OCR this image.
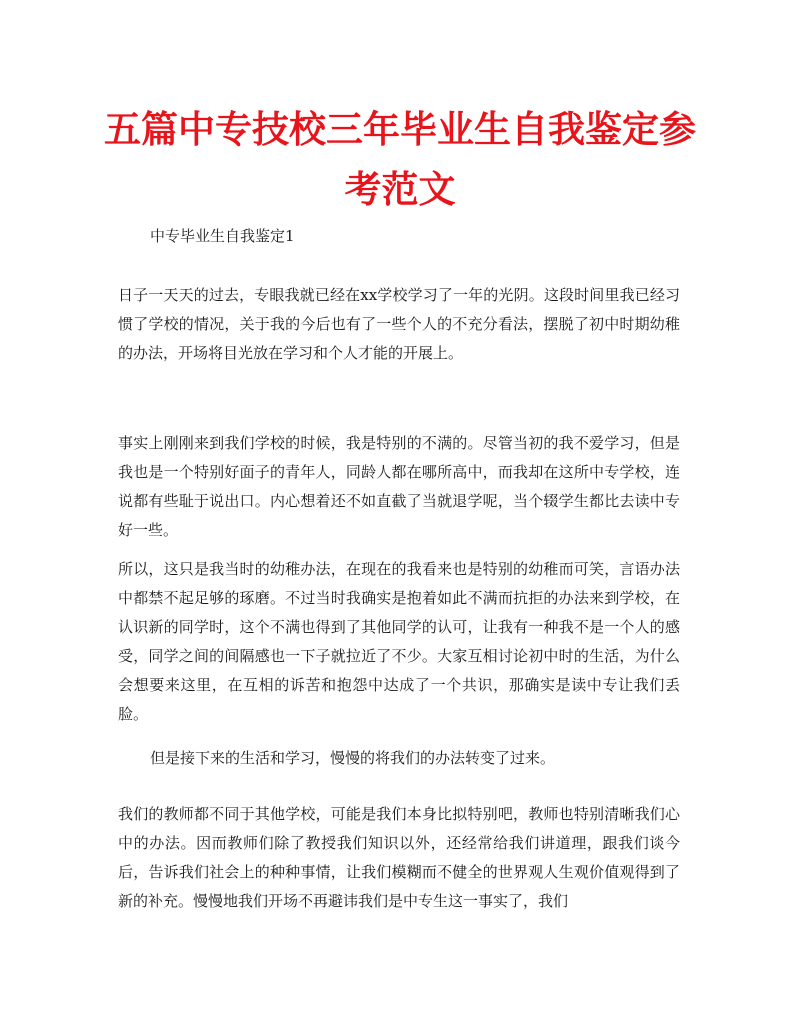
五篇中专技校三年毕业生自我鉴定参考范文

中专毕业生自我鉴定1

日子一天天的过去，专眼我就已经在xx学校学习了一年的光阴。这段时间里我已经习惯了学校的情况，关于我的今后也有了一些个人的不充分看法，摆脱了初中时期幼稚的办法，开场将目光放在学习和个人才能的开展上。

事实上刚刚来到我们学校的时候，我是特别的不满的。尽管当初的我不爱学习，但是我也是一个特别好面子的青年人，同龄人都在哪所高中，而我却在这所中专学校，连说都有些耻于说出口。内心想着还不如直截了当就退学呢，当个辍学生都比去读中专好一些。

所以，这只是我当时的幼稚办法，在现在的我看来也是特别的幼稚而可笑，言语办法中都禁不起足够的琢磨。不过当时我确实是抱着如此不满而抗拒的办法来到学校，在认识新的同学时，这个不满也得到了其他同学的认可，让我有一种我不是一个人的感受，同学之间的间隔感也一下子就拉近了不少。大家互相讨论初中时的生活，为什么会想要来这里，在互相的诉苦和抱怨中达成了一个共识，那确实是读中专让我们丢脸。

但是接下来的生活和学习，慢慢的将我们的办法转变了过来。

我们的教师都不同于其他学校，可能是我们本身比拟特别吧，教师也特别清晰我们心中的办法。因而教师们除了教授我们知识以外，还经常给我们讲道理，跟我们谈今后，告诉我们社会上的种种事情，让我们模糊而不健全的世界观人生观价值观得到了新的补充。慢慢地我们开场不再避讳我们是中专生这一事实了，我们
